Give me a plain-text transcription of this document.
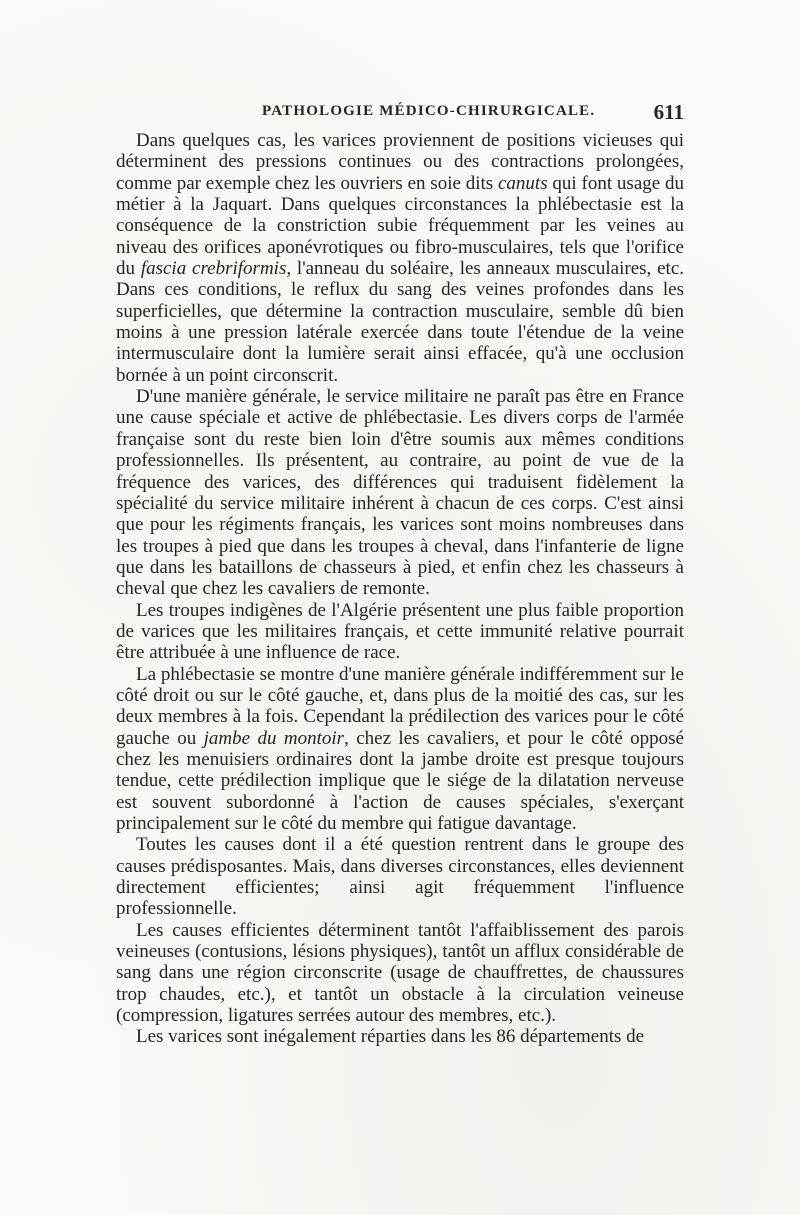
PATHOLOGIE MÉDICO-CHIRURGICALE.	611

Dans quelques cas, les varices proviennent de positions vicieuses qui déterminent des pressions continues ou des contractions prolongées, comme par exemple chez les ouvriers en soie dits canuts qui font usage du métier à la Jaquart. Dans quelques circonstances la phlébectasie est la conséquence de la constriction subie fréquemment par les veines au niveau des orifices aponévrotiques ou fibro-musculaires, tels que l'orifice du fascia crebriformis, l'anneau du soléaire, les anneaux musculaires, etc. Dans ces conditions, le reflux du sang des veines profondes dans les superficielles, que détermine la contraction musculaire, semble dû bien moins à une pression latérale exercée dans toute l'étendue de la veine intermusculaire dont la lumière serait ainsi effacée, qu'à une occlusion bornée à un point circonscrit.

D'une manière générale, le service militaire ne paraît pas être en France une cause spéciale et active de phlébectasie. Les divers corps de l'armée française sont du reste bien loin d'être soumis aux mêmes conditions professionnelles. Ils présentent, au contraire, au point de vue de la fréquence des varices, des différences qui traduisent fidèlement la spécialité du service militaire inhérent à chacun de ces corps. C'est ainsi que pour les régiments français, les varices sont moins nombreuses dans les troupes à pied que dans les troupes à cheval, dans l'infanterie de ligne que dans les bataillons de chasseurs à pied, et enfin chez les chasseurs à cheval que chez les cavaliers de remonte.

Les troupes indigènes de l'Algérie présentent une plus faible proportion de varices que les militaires français, et cette immunité relative pourrait être attribuée à une influence de race.

La phlébectasie se montre d'une manière générale indifféremment sur le côté droit ou sur le côté gauche, et, dans plus de la moitié des cas, sur les deux membres à la fois. Cependant la prédilection des varices pour le côté gauche ou jambe du montoir, chez les cavaliers, et pour le côté opposé chez les menuisiers ordinaires dont la jambe droite est presque toujours tendue, cette prédilection implique que le siége de la dilatation nerveuse est souvent subordonné à l'action de causes spéciales, s'exerçant principalement sur le côté du membre qui fatigue davantage.

Toutes les causes dont il a été question rentrent dans le groupe des causes prédisposantes. Mais, dans diverses circonstances, elles deviennent directement efficientes; ainsi agit fréquemment l'influence professionnelle.

Les causes efficientes déterminent tantôt l'affaiblissement des parois veineuses (contusions, lésions physiques), tantôt un afflux considérable de sang dans une région circonscrite (usage de chauffrettes, de chaussures trop chaudes, etc.), et tantôt un obstacle à la circulation veineuse (compression, ligatures serrées autour des membres, etc.).

Les varices sont inégalement réparties dans les 86 départements de
